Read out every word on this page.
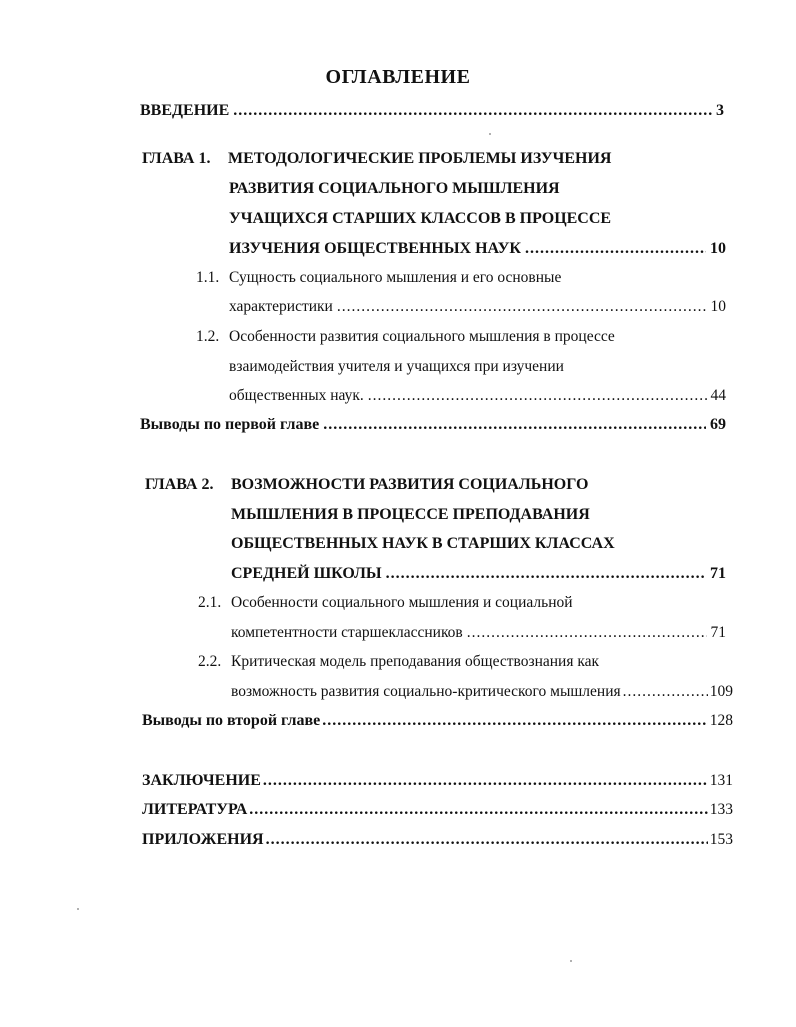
ОГЛАВЛЕНИЕ
ВВЕДЕНИЕ .....	3
ГЛАВА 1.	МЕТОДОЛОГИЧЕСКИЕ ПРОБЛЕМЫ ИЗУЧЕНИЯ
РАЗВИТИЯ СОЦИАЛЬНОГО МЫШЛЕНИЯ
УЧАЩИХСЯ СТАРШИХ КЛАССОВ В ПРОЦЕССЕ
ИЗУЧЕНИЯ ОБЩЕСТВЕННЫХ НАУК .....	10
1.1. Сущность социального мышления и его основные
характеристики .....	10
1.2. Особенности развития социального мышления в процессе
взаимодействия учителя и учащихся при изучении
общественных наук. .....	44
Выводы по первой главе .....	69
ГЛАВА 2.	ВОЗМОЖНОСТИ РАЗВИТИЯ СОЦИАЛЬНОГО
МЫШЛЕНИЯ В ПРОЦЕССЕ ПРЕПОДАВАНИЯ
ОБЩЕСТВЕННЫХ НАУК В СТАРШИХ КЛАССАХ
СРЕДНЕЙ ШКОЛЫ .....	71
2.1. Особенности социального мышления и социальной
компетентности старшеклассников .....	71
2.2. Критическая модель преподавания обществознания как
возможность развития социально-критического мышления .....	109
Выводы по второй главе .....	128
ЗАКЛЮЧЕНИЕ .....	131
ЛИТЕРАТУРА .....	133
ПРИЛОЖЕНИЯ .....	153
